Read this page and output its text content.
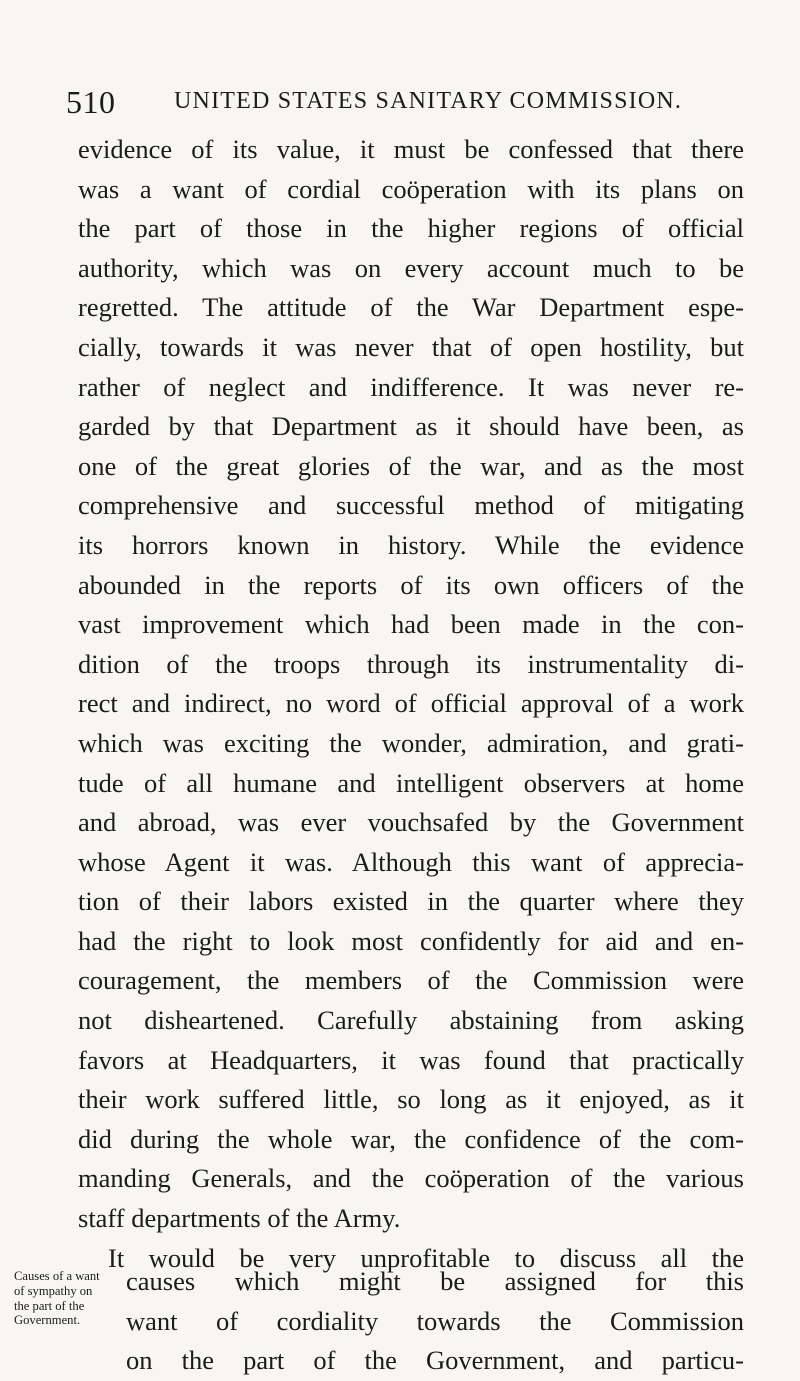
510 UNITED STATES SANITARY COMMISSION.
evidence of its value, it must be confessed that there
was a want of cordial coöperation with its plans on
the part of those in the higher regions of official
authority, which was on every account much to be
regretted. The attitude of the War Department espe-
cially, towards it was never that of open hostility, but
rather of neglect and indifference. It was never re-
garded by that Department as it should have been, as
one of the great glories of the war, and as the most
comprehensive and successful method of mitigating
its horrors known in history. While the evidence
abounded in the reports of its own officers of the
vast improvement which had been made in the con-
dition of the troops through its instrumentality di-
rect and indirect, no word of official approval of a work
which was exciting the wonder, admiration, and grati-
tude of all humane and intelligent observers at home
and abroad, was ever vouchsafed by the Government
whose Agent it was. Although this want of apprecia-
tion of their labors existed in the quarter where they
had the right to look most confidently for aid and en-
couragement, the members of the Commission were
not disheartened. Carefully abstaining from asking
favors at Headquarters, it was found that practically
their work suffered little, so long as it enjoyed, as it
did during the whole war, the confidence of the com-
manding Generals, and the coöperation of the various
staff departments of the Army.
It would be very unprofitable to discuss all the
Causes of a want
of sympathy on
the part of the
Government.
causes which might be assigned for this
want of cordiality towards the Commission
on the part of the Government, and particu-
